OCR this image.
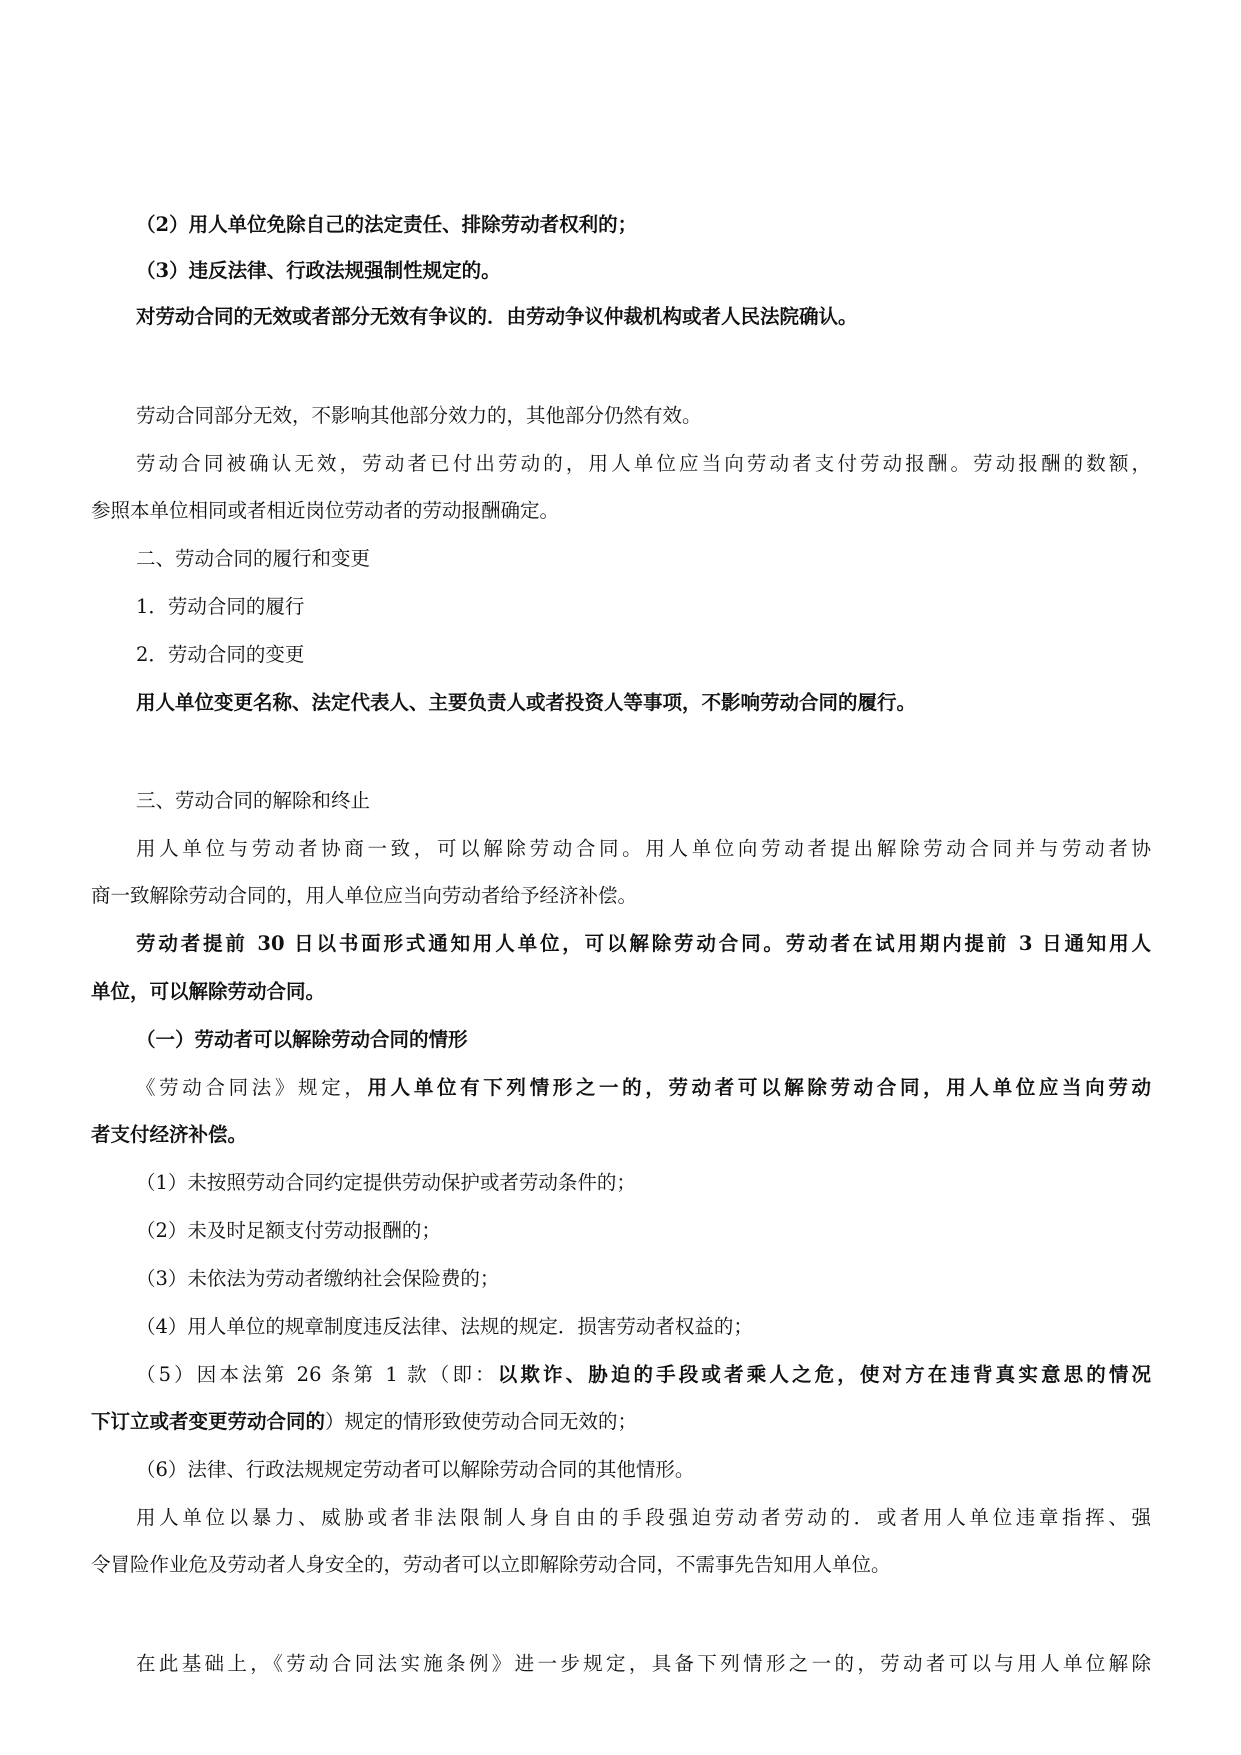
（2）用人单位免除自己的法定责任、排除劳动者权利的；

（3）违反法律、行政法规强制性规定的。

对劳动合同的无效或者部分无效有争议的．由劳动争议仲裁机构或者人民法院确认。

劳动合同部分无效，不影响其他部分效力的，其他部分仍然有效。

劳动合同被确认无效，劳动者已付出劳动的，用人单位应当向劳动者支付劳动报酬。劳动报酬的数额，

参照本单位相同或者相近岗位劳动者的劳动报酬确定。

二、劳动合同的履行和变更

1．劳动合同的履行

2．劳动合同的变更

用人单位变更名称、法定代表人、主要负责人或者投资人等事项，不影响劳动合同的履行。

三、劳动合同的解除和终止

用人单位与劳动者协商一致，可以解除劳动合同。用人单位向劳动者提出解除劳动合同并与劳动者协

商一致解除劳动合同的，用人单位应当向劳动者给予经济补偿。

劳动者提前 30 日以书面形式通知用人单位，可以解除劳动合同。劳动者在试用期内提前 3 日通知用人

单位，可以解除劳动合同。

（一）劳动者可以解除劳动合同的情形

《劳动合同法》规定，用人单位有下列情形之一的，劳动者可以解除劳动合同，用人单位应当向劳动

者支付经济补偿。

（1）未按照劳动合同约定提供劳动保护或者劳动条件的；

（2）未及时足额支付劳动报酬的；

（3）未依法为劳动者缴纳社会保险费的；

（4）用人单位的规章制度违反法律、法规的规定．损害劳动者权益的；

（5）因本法第 26 条第 1 款（即：以欺诈、胁迫的手段或者乘人之危，使对方在违背真实意思的情况

下订立或者变更劳动合同的）规定的情形致使劳动合同无效的；

（6）法律、行政法规规定劳动者可以解除劳动合同的其他情形。

用人单位以暴力、威胁或者非法限制人身自由的手段强迫劳动者劳动的．或者用人单位违章指挥、强

令冒险作业危及劳动者人身安全的，劳动者可以立即解除劳动合同，不需事先告知用人单位。

在此基础上，《劳动合同法实施条例》进一步规定，具备下列情形之一的，劳动者可以与用人单位解除
